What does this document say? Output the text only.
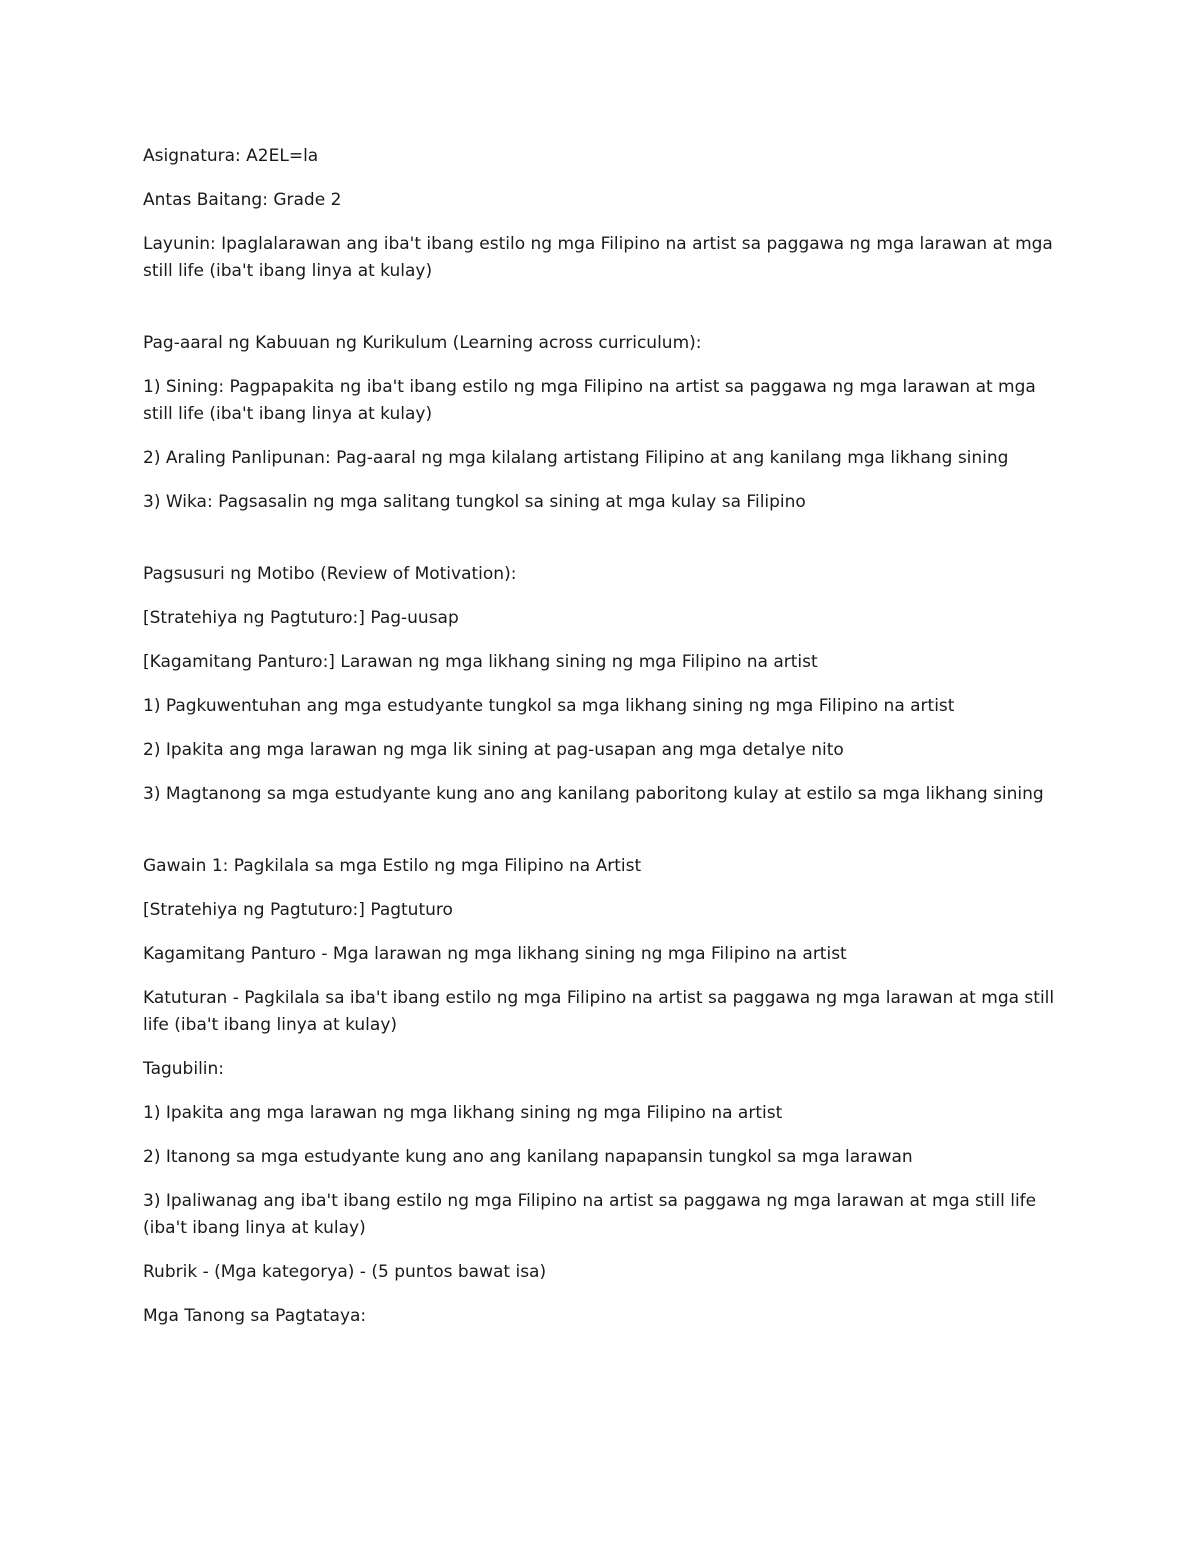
Asignatura: A2EL=la

Antas Baitang: Grade 2

Layunin: Ipaglalarawan ang iba't ibang estilo ng mga Filipino na artist sa paggawa ng mga larawan at mga still life (iba't ibang linya at kulay)

Pag-aaral ng Kabuuan ng Kurikulum (Learning across curriculum):

1) Sining: Pagpapakita ng iba't ibang estilo ng mga Filipino na artist sa paggawa ng mga larawan at mga still life (iba't ibang linya at kulay)

2) Araling Panlipunan: Pag-aaral ng mga kilalang artistang Filipino at ang kanilang mga likhang sining

3) Wika: Pagsasalin ng mga salitang tungkol sa sining at mga kulay sa Filipino

Pagsusuri ng Motibo (Review of Motivation):

[Stratehiya ng Pagtuturo:] Pag-uusap

[Kagamitang Panturo:] Larawan ng mga likhang sining ng mga Filipino na artist

1) Pagkuwentuhan ang mga estudyante tungkol sa mga likhang sining ng mga Filipino na artist

2) Ipakita ang mga larawan ng mga lik sining at pag-usapan ang mga detalye nito

3) Magtanong sa mga estudyante kung ano ang kanilang paboritong kulay at estilo sa mga likhang sining

Gawain 1: Pagkilala sa mga Estilo ng mga Filipino na Artist

[Stratehiya ng Pagtuturo:] Pagtuturo

Kagamitang Panturo - Mga larawan ng mga likhang sining ng mga Filipino na artist

Katuturan - Pagkilala sa iba't ibang estilo ng mga Filipino na artist sa paggawa ng mga larawan at mga still life (iba't ibang linya at kulay)

Tagubilin:

1) Ipakita ang mga larawan ng mga likhang sining ng mga Filipino na artist

2) Itanong sa mga estudyante kung ano ang kanilang napapansin tungkol sa mga larawan

3) Ipaliwanag ang iba't ibang estilo ng mga Filipino na artist sa paggawa ng mga larawan at mga still life (iba't ibang linya at kulay)

Rubrik - (Mga kategorya) - (5 puntos bawat isa)

Mga Tanong sa Pagtataya:
